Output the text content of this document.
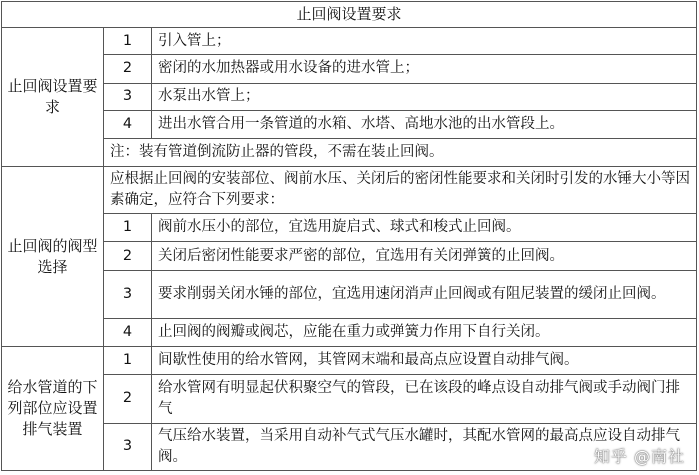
止回阀设置要求		
止回阀设置要求	1	引入管上；
	2	密闭的水加热器或用水设备的进水管上；
	3	水泵出水管上；
	4	进出水管合用一条管道的水箱、水塔、高地水池的出水管段上。
	注：装有管道倒流防止器的管段，不需在装止回阀。	
止回阀的阀型选择	应根据止回阀的安装部位、阀前水压、关闭后的密闭性能要求和关闭时引发的水锤大小等因素确定，应符合下列要求：	
	1	阀前水压小的部位，宜选用旋启式、球式和梭式止回阀。
	2	关闭后密闭性能要求严密的部位，宜选用有关闭弹簧的止回阀。
	3	要求削弱关闭水锤的部位，宜选用速闭消声止回阀或有阻尼装置的缓闭止回阀。
	4	止回阀的阀瓣或阀芯，应能在重力或弹簧力作用下自行关闭。
给水管道的下列部位应设置排气装置	1	间歇性使用的给水管网，其管网末端和最高点应设置自动排气阀。
	2	给水管网有明显起伏积聚空气的管段，已在该段的峰点设自动排气阀或手动阀门排气
	3	气压给水装置，当采用自动补气式气压水罐时，其配水管网的最高点应设自动排气阀。	知乎 @南社
